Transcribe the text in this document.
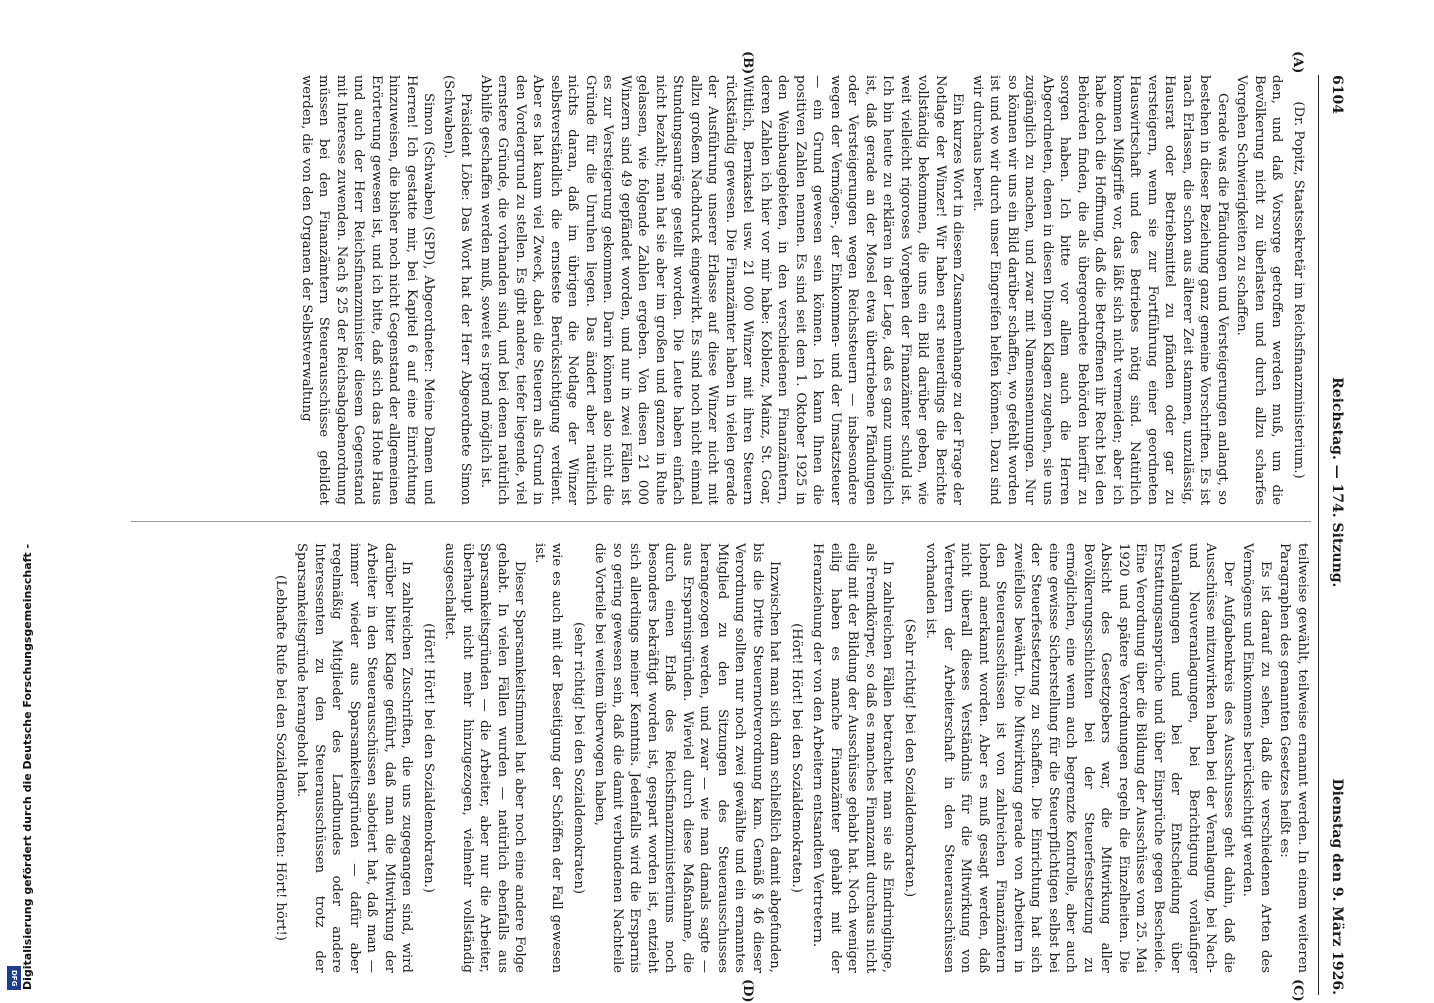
Digitalisierung gefördert durch die Deutsche Forschungsgemeinschaft -
DFG
6104                                                      Reichstag. — 174. Sitzung.
Dienstag den 9. März 1926.
(A)
(B)
(C)
(D)

(Dr. Popitz, Staatssekretär im Reichsfinanzministerium.)

den, und daß Vorsorge getroffen werden muß, um die Bevölkerung nicht zu überlasten und durch allzu scharfes Vorgehen Schwierigkeiten zu schaffen.

Gerade was die Pfändungen und Versteigerungen anlangt, so bestehen in dieser Beziehung ganz gemeine Vorschriften. Es ist nach Erlassen, die schon aus älterer Zeit stammen, unzulässig, Hausrat oder Betriebsmittel zu pfänden oder gar zu versteigern, wenn sie zur Fortführung einer geordneten Hauswirtschaft und des Betriebes nötig sind. Natürlich kommen Mißgriffe vor, das läßt sich nicht vermeiden; aber ich habe doch die Hoffnung, daß die Betroffenen ihr Recht bei den Behörden finden, die als übergeordnete Behörden hierfür zu sorgen haben. Ich bitte vor allem auch die Herren Abgeordneten, denen in diesen Dingen Klagen zugehen, sie uns zugänglich zu machen, und zwar mit Namensnennungen. Nur so können wir uns ein Bild darüber schaffen, wo gefehlt worden ist und wo wir durch unser Eingreifen helfen können. Dazu sind wir durchaus bereit.

Ein kurzes Wort in diesem Zusammenhange zu der Frage der Notlage der Winzer! Wir haben erst neuerdings die Berichte vollständig bekommen, die uns ein Bild darüber geben, wie weit vielleicht rigoroses Vorgehen der Finanzämter schuld ist. Ich bin heute zu erklären in der Lage, daß es ganz unmöglich ist, daß gerade an der Mosel etwa übertriebene Pfändungen oder Versteigerungen wegen Reichssteuern — insbesondere wegen der Vermögen-, der Einkommen- und der Umsatzsteuer — ein Grund gewesen sein können. Ich kann Ihnen die positiven Zahlen nennen. Es sind seit dem 1. Oktober 1925 in den Weinbaugebieten, in den verschiedenen Finanzämtern, deren Zahlen ich hier vor mir habe: Koblenz, Mainz, St. Goar, Wittlich, Bernkastel usw. 21 000 Winzer mit ihren Steuern rückständig gewesen. Die Finanzämter haben in vielen gerade der Ausführung unserer Erlasse auf diese Winzer nicht mit allzu großem Nachdruck eingewirkt. Es sind noch nicht einmal Stundungsanträge gestellt worden. Die Leute haben einfach nicht bezahlt; man hat sie aber im großen und ganzen in Ruhe gelassen, wie folgende Zahlen ergeben. Von diesen 21 000 Winzern sind 49 gepfändet worden, und nur in zwei Fällen ist es zur Versteigerung gekommen. Darin können also nicht die Gründe für die Unruhen liegen. Das ändert aber natürlich nichts daran, daß im übrigen die Notlage der Winzer selbstverständlich die ernsteste Berücksichtigung verdient. Aber es hat kaum viel Zweck, dabei die Steuern als Grund in den Vordergrund zu stellen. Es gibt andere, tiefer liegende, viel ernstere Gründe, die vorhanden sind, und bei denen natürlich Abhilfe geschaffen werden muß, soweit es irgend möglich ist.

Präsident Löbe: Das Wort hat der Herr Abgeordnete Simon (Schwaben).

Simon (Schwaben) (SPD), Abgeordneter: Meine Damen und Herren! Ich gestatte mir, bei Kapitel 6 auf eine Einrichtung hinzuweisen, die bisher noch nicht Gegenstand der allgemeinen Erörterung gewesen ist, und ich bitte, daß sich das Hohe Haus und auch der Herr Reichsfinanzminister diesem Gegenstand mit Interesse zuwenden. Nach § 25 der Reichsabgabenordnung müssen bei den Finanzämtern Steuerausschüsse gebildet werden, die von den Organen der Selbstverwaltung

teilweise gewählt, teilweise ernannt werden. In einem weiteren Paragraphen des genannten Gesetzes heißt es:

Es ist darauf zu sehen, daß die verschiedenen Arten des Vermögens und Einkommens berücksichtigt werden.

Der Aufgabenkreis des Ausschusses geht dahin, daß die Ausschüsse mitzuwirken haben bei der Veranlagung, bei Nach- und Neuveranlagungen, bei Berichtigung vorläufiger Veranlagungen und bei der Entscheidung über Erstattungsansprüche und über Einsprüche gegen Bescheide. Eine Verordnung über die Bildung der Ausschüsse vom 25. Mai 1920 und spätere Verordnungen regeln die Einzelheiten. Die Absicht des Gesetzgebers war, die Mitwirkung aller Bevölkerungsschichten bei der Steuerfestsetzung zu ermöglichen, eine wenn auch begrenzte Kontrolle, aber auch eine gewisse Sicherstellung für die Steuerpflichtigen selbst bei der Steuerfestsetzung zu schaffen. Die Einrichtung hat sich zweifellos bewährt. Die Mitwirkung gerade von Arbeitern in den Steuerausschüssen ist von zahlreichen Finanzämtern lobend anerkannt worden. Aber es muß gesagt werden, daß nicht überall dieses Verständnis für die Mitwirkung von Vertretern der Arbeiterschaft in den Steuerausschüssen vorhanden ist.

(Sehr richtig! bei den Sozialdemokraten.)

In zahlreichen Fällen betrachtet man sie als Eindringlinge, als Fremdkörper, so daß es manches Finanzamt durchaus nicht eilig mit der Bildung der Ausschüsse gehabt hat. Noch weniger eilig haben es manche Finanzämter gehabt mit der Heranziehung der von den Arbeitern entsandten Vertretern.

(Hört! Hört! bei den Sozialdemokraten.)

Inzwischen hat man sich dann schließlich damit abgefunden, bis die Dritte Steuernotverordnung kam. Gemäß § 46 dieser Verordnung sollten nur noch zwei gewählte und ein ernanntes Mitglied zu den Sitzungen des Steuerausschusses herangezogen werden, und zwar — wie man damals sagte — aus Ersparnisgründen. Wieviel durch diese Maßnahme, die durch einen Erlaß des Reichsfinanzministeriums noch besonders bekräftigt worden ist, gespart worden ist, entzieht sich allerdings meiner Kenntnis. Jedenfalls wird die Ersparnis so gering gewesen sein, daß die damit verbundenen Nachteile die Vorteile bei weitem überwogen haben,

(sehr richtig! bei den Sozialdemokraten)

wie es auch mit der Beseitigung der Schöffen der Fall gewesen ist.

Dieser Sparsamkeitsfimmel hat aber noch eine andere Folge gehabt. In vielen Fällen wurden — natürlich ebenfalls aus Sparsamkeitsgründen — die Arbeiter, aber nur die Arbeiter, überhaupt nicht mehr hinzugezogen, vielmehr vollständig ausgeschaltet.

(Hört! Hört! bei den Sozialdemokraten.)

In zahlreichen Zuschriften, die uns zugegangen sind, wird darüber bitter Klage geführt, daß man die Mitwirkung der Arbeiter in den Steuerausschüssen sabotiert hat, daß man — immer wieder aus Sparsamkeitsgründen — dafür aber regelmäßig Mitglieder des Landbundes oder andere Interessenten zu den Steuerausschüssen trotz der Sparsamkeitsgründe herangeholt hat.

(Lebhafte Rufe bei den Sozialdemokraten: Hört! hört!)
